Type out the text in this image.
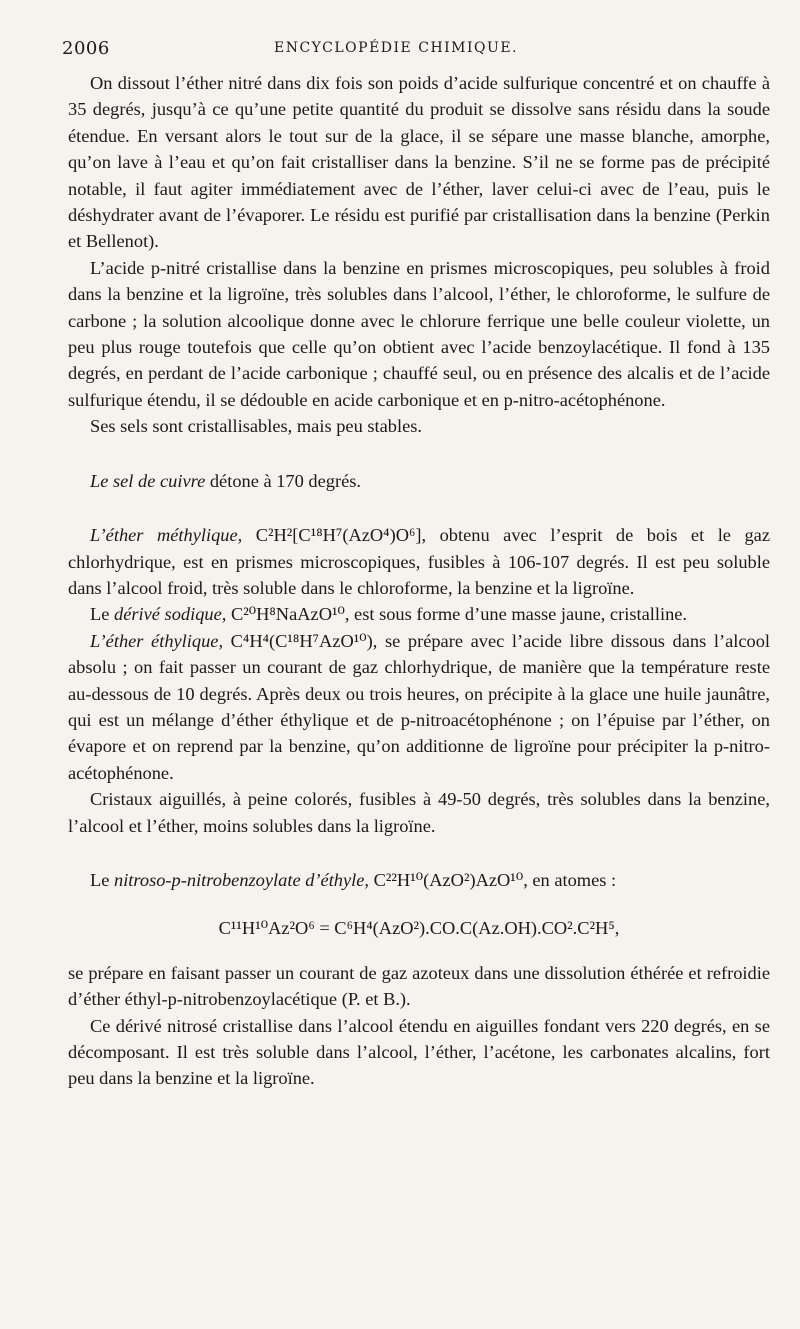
2006	ENCYCLOPÉDIE CHIMIQUE.

On dissout l’éther nitré dans dix fois son poids d’acide sulfurique concentré et on chauffe à 35 degrés, jusqu’à ce qu’une petite quantité du produit se dissolve sans résidu dans la soude étendue. En versant alors le tout sur de la glace, il se sépare une masse blanche, amorphe, qu’on lave à l’eau et qu’on fait cristalliser dans la benzine. S’il ne se forme pas de précipité notable, il faut agiter immédiatement avec de l’éther, laver celui-ci avec de l’eau, puis le déshydrater avant de l’évaporer. Le résidu est purifié par cristallisation dans la benzine (Perkin et Bellenot).

L’acide p-nitré cristallise dans la benzine en prismes microscopiques, peu solubles à froid dans la benzine et la ligroïne, très solubles dans l’alcool, l’éther, le chloroforme, le sulfure de carbone ; la solution alcoolique donne avec le chlorure ferrique une belle couleur violette, un peu plus rouge toutefois que celle qu’on obtient avec l’acide benzoylacétique. Il fond à 135 degrés, en perdant de l’acide carbonique ; chauffé seul, ou en présence des alcalis et de l’acide sulfurique étendu, il se dédouble en acide carbonique et en p-nitro-acétophénone.

Ses sels sont cristallisables, mais peu stables.

Le sel de cuivre détone à 170 degrés.

L’éther méthylique, C²H²[C¹⁸H⁷(AzO⁴)O⁶], obtenu avec l’esprit de bois et le gaz chlorhydrique, est en prismes microscopiques, fusibles à 106-107 degrés. Il est peu soluble dans l’alcool froid, très soluble dans le chloroforme, la benzine et la ligroïne.

Le dérivé sodique, C²⁰H⁸NaAzO¹⁰, est sous forme d’une masse jaune, cristalline.

L’éther éthylique, C⁴H⁴(C¹⁸H⁷AzO¹⁰), se prépare avec l’acide libre dissous dans l’alcool absolu ; on fait passer un courant de gaz chlorhydrique, de manière que la température reste au-dessous de 10 degrés. Après deux ou trois heures, on précipite à la glace une huile jaunâtre, qui est un mélange d’éther éthylique et de p-nitroacétophénone ; on l’épuise par l’éther, on évapore et on reprend par la benzine, qu’on additionne de ligroïne pour précipiter la p-nitro-acétophénone.

Cristaux aiguillés, à peine colorés, fusibles à 49-50 degrés, très solubles dans la benzine, l’alcool et l’éther, moins solubles dans la ligroïne.

Le nitroso-p-nitrobenzoylate d’éthyle, C²²H¹⁰(AzO²)AzO¹⁰, en atomes :

C¹¹H¹⁰Az²O⁶ = C⁶H⁴(AzO²).CO.C(Az.OH).CO².C²H⁵,

se prépare en faisant passer un courant de gaz azoteux dans une dissolution éthérée et refroidie d’éther éthyl-p-nitrobenzoylacétique (P. et B.).

Ce dérivé nitrosé cristallise dans l’alcool étendu en aiguilles fondant vers 220 degrés, en se décomposant. Il est très soluble dans l’alcool, l’éther, l’acétone, les carbonates alcalins, fort peu dans la benzine et la ligroïne.
